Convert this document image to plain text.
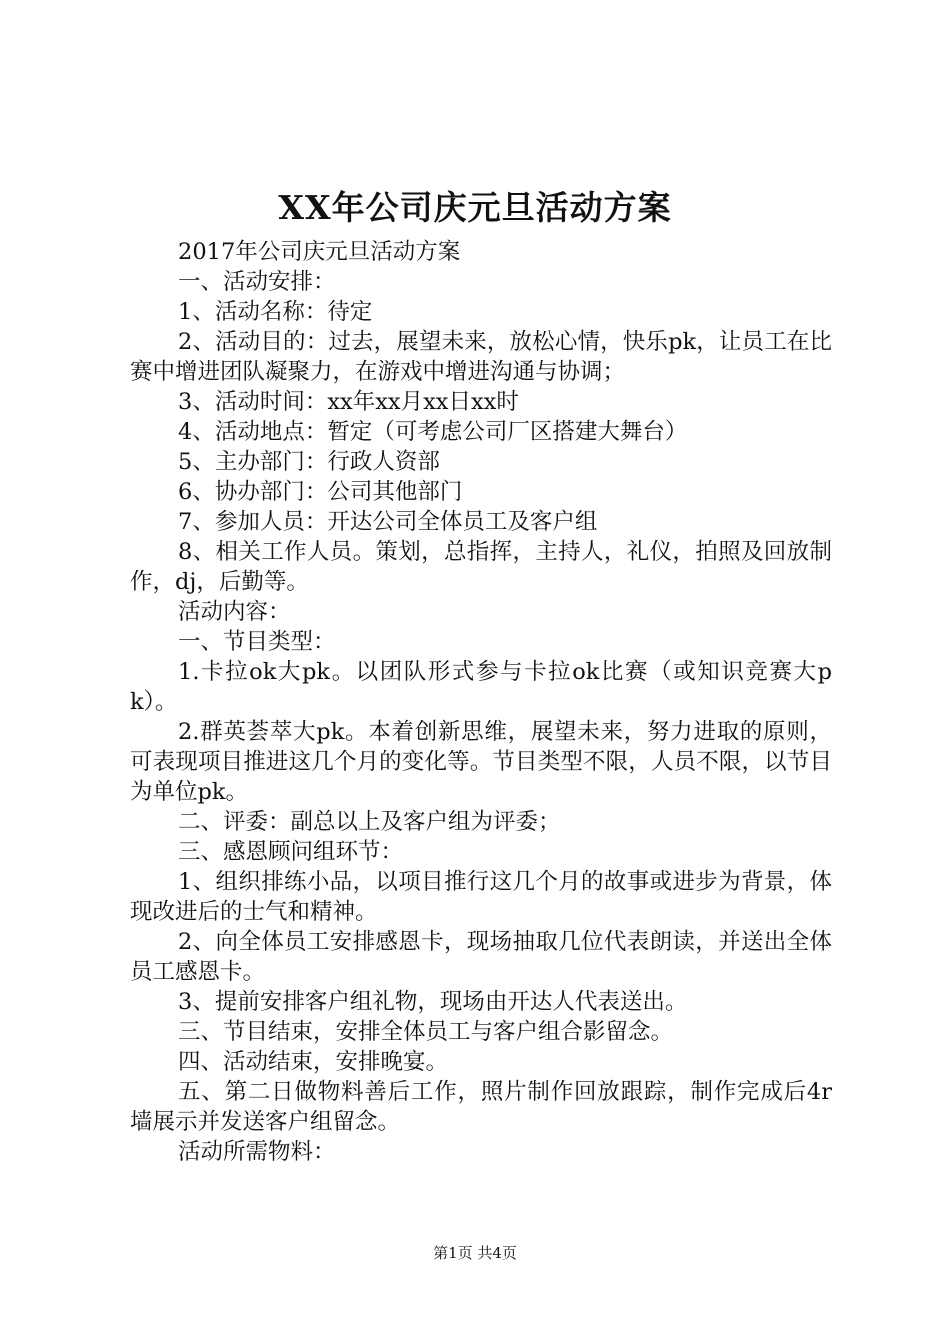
XX年公司庆元旦活动方案

2017年公司庆元旦活动方案

一、活动安排：

1、活动名称：待定

2、活动目的：过去，展望未来，放松心情，快乐pk，让员工在比赛中增进团队凝聚力，在游戏中增进沟通与协调；

3、活动时间：xx年xx月xx日xx时

4、活动地点：暂定（可考虑公司厂区搭建大舞台）

5、主办部门：行政人资部

6、协办部门：公司其他部门

7、参加人员：开达公司全体员工及客户组

8、相关工作人员。策划，总指挥，主持人，礼仪，拍照及回放制作，dj，后勤等。

活动内容：

一、节目类型：

1.卡拉ok大pk。以团队形式参与卡拉ok比赛（或知识竞赛大pk）。

2.群英荟萃大pk。本着创新思维，展望未来，努力进取的原则，可表现项目推进这几个月的变化等。节目类型不限，人员不限，以节目为单位pk。

二、评委：副总以上及客户组为评委；

三、感恩顾问组环节：

1、组织排练小品，以项目推行这几个月的故事或进步为背景，体现改进后的士气和精神。

2、向全体员工安排感恩卡，现场抽取几位代表朗读，并送出全体员工感恩卡。

3、提前安排客户组礼物，现场由开达人代表送出。

三、节目结束，安排全体员工与客户组合影留念。

四、活动结束，安排晚宴。

五、第二日做物料善后工作，照片制作回放跟踪，制作完成后4r墙展示并发送客户组留念。

活动所需物料：

第1页 共4页
